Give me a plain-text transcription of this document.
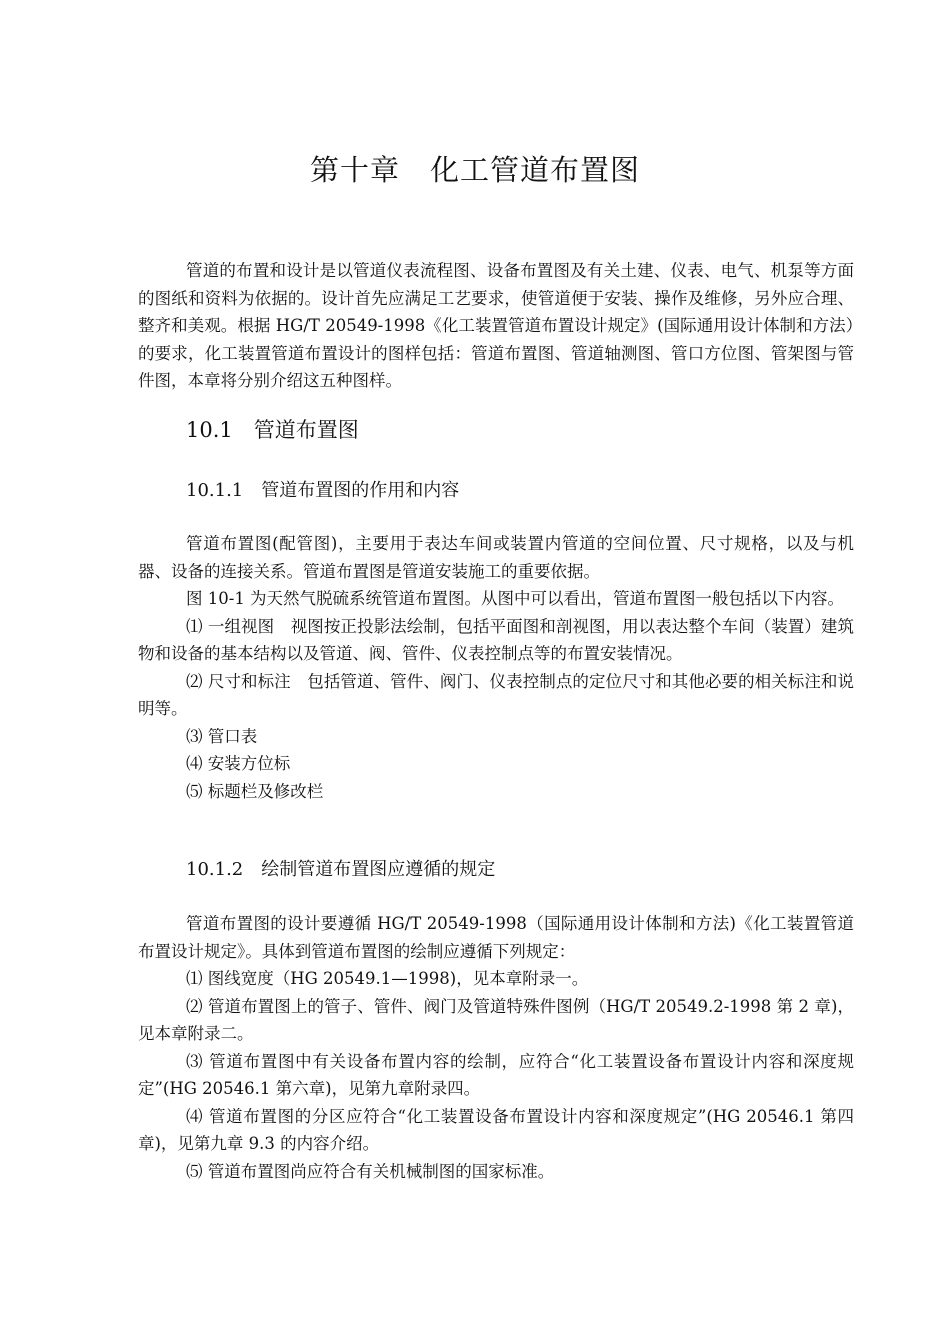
第十章　化工管道布置图

管道的布置和设计是以管道仪表流程图、设备布置图及有关土建、仪表、电气、机泵等方面的图纸和资料为依据的。设计首先应满足工艺要求，使管道便于安装、操作及维修，另外应合理、整齐和美观。根据 HG/T 20549-1998《化工装置管道布置设计规定》(国际通用设计体制和方法）的要求，化工装置管道布置设计的图样包括：管道布置图、管道轴测图、管口方位图、管架图与管件图，本章将分别介绍这五种图样。

10.1　管道布置图
10.1.1　管道布置图的作用和内容

管道布置图(配管图)，主要用于表达车间或装置内管道的空间位置、尺寸规格，以及与机器、设备的连接关系。管道布置图是管道安装施工的重要依据。

图 10-1 为天然气脱硫系统管道布置图。从图中可以看出，管道布置图一般包括以下内容。

⑴ 一组视图　视图按正投影法绘制，包括平面图和剖视图，用以表达整个车间（装置）建筑物和设备的基本结构以及管道、阀、管件、仪表控制点等的布置安装情况。

⑵ 尺寸和标注　包括管道、管件、阀门、仪表控制点的定位尺寸和其他必要的相关标注和说明等。

⑶ 管口表

⑷ 安装方位标

⑸ 标题栏及修改栏

10.1.2　绘制管道布置图应遵循的规定

管道布置图的设计要遵循 HG/T 20549-1998（国际通用设计体制和方法)《化工装置管道布置设计规定》。具体到管道布置图的绘制应遵循下列规定：

⑴ 图线宽度（HG 20549.1—1998)，见本章附录一。

⑵ 管道布置图上的管子、管件、阀门及管道特殊件图例（HG/T 20549.2-1998 第 2 章)，见本章附录二。

⑶ 管道布置图中有关设备布置内容的绘制，应符合“化工装置设备布置设计内容和深度规定”(HG 20546.1 第六章)，见第九章附录四。

⑷ 管道布置图的分区应符合“化工装置设备布置设计内容和深度规定”(HG 20546.1 第四章)，见第九章 9.3 的内容介绍。

⑸ 管道布置图尚应符合有关机械制图的国家标准。
